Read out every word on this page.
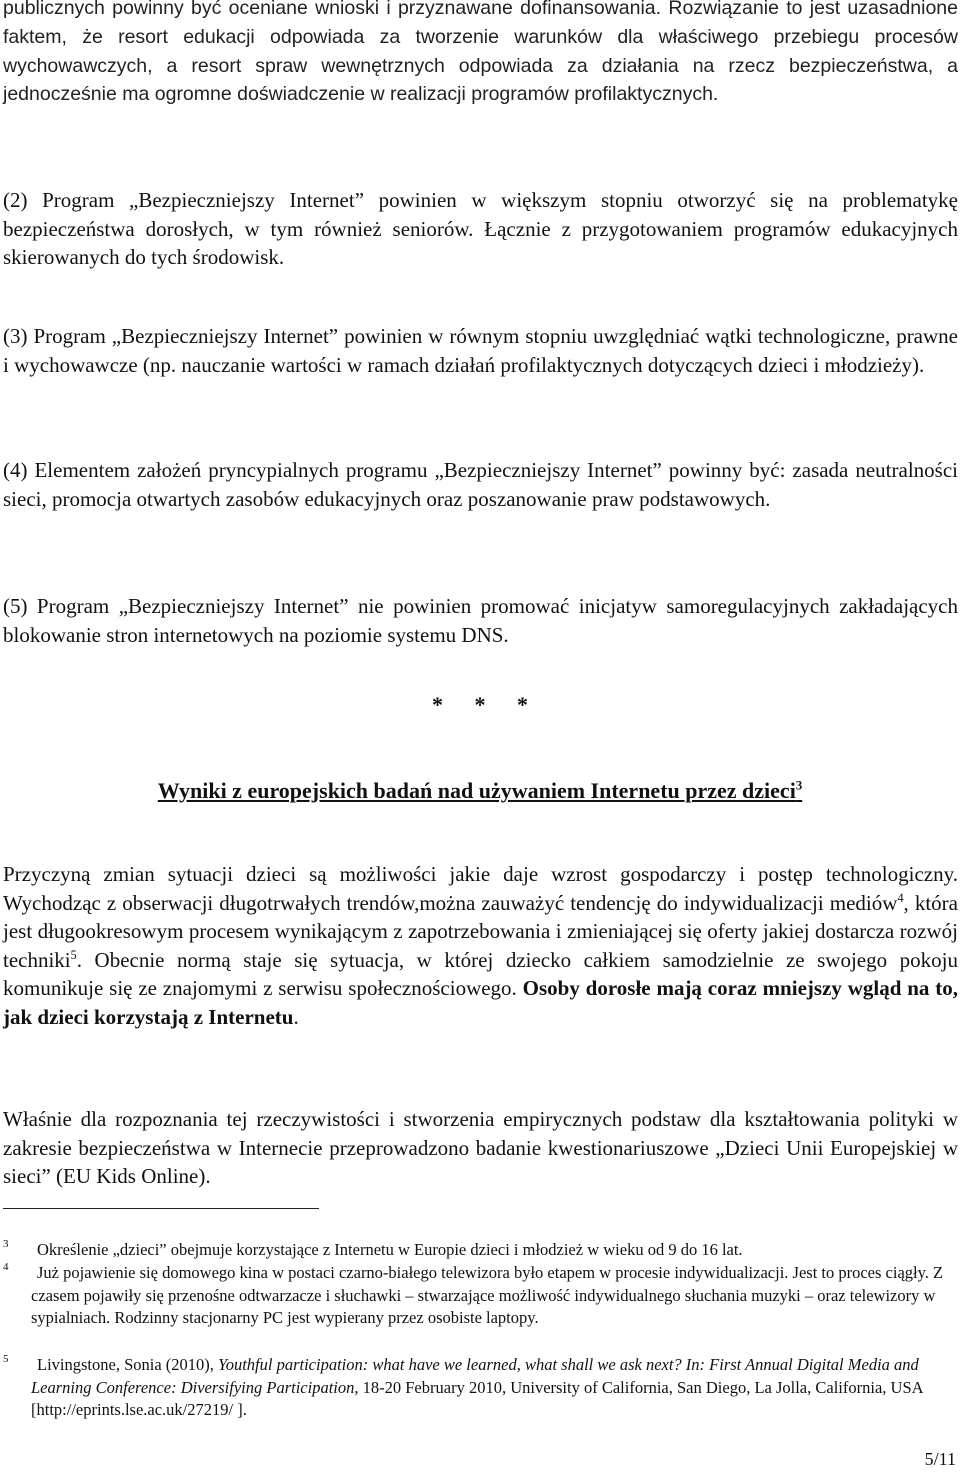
publicznych powinny być oceniane wnioski i przyznawane dofinansowania. Rozwiązanie to jest uzasadnione faktem, że resort edukacji odpowiada za tworzenie warunków dla właściwego przebiegu procesów wychowawczych, a resort spraw wewnętrznych odpowiada za działania na rzecz bezpieczeństwa, a jednocześnie ma ogromne doświadczenie w realizacji programów profilaktycznych.

(2) Program „Bezpieczniejszy Internet” powinien w większym stopniu otworzyć się na problematykę bezpieczeństwa dorosłych, w tym również seniorów. Łącznie z przygotowaniem programów edukacyjnych skierowanych do tych środowisk.

(3) Program „Bezpieczniejszy Internet” powinien w równym stopniu uwzględniać wątki technologiczne, prawne i wychowawcze (np. nauczanie wartości w ramach działań profilaktycznych dotyczących dzieci i młodzieży).

(4) Elementem założeń pryncypialnych programu „Bezpieczniejszy Internet” powinny być: zasada neutralności sieci, promocja otwartych zasobów edukacyjnych oraz poszanowanie praw podstawowych.

(5) Program „Bezpieczniejszy Internet” nie powinien promować inicjatyw samoregulacyjnych zakładających blokowanie stron internetowych na poziomie systemu DNS.

* * *
Wyniki z europejskich badań nad używaniem Internetu przez dzieci$^3$

Przyczyną zmian sytuacji dzieci są możliwości jakie daje wzrost gospodarczy i postęp technologiczny. Wychodząc z obserwacji długotrwałych trendów,można zauważyć tendencję do indywidualizacji mediów$^4$, która jest długookresowym procesem wynikającym z zapotrzebowania i zmieniającej się oferty jakiej dostarcza rozwój techniki$^5$. Obecnie normą staje się sytuacja, w której dziecko całkiem samodzielnie ze swojego pokoju komunikuje się ze znajomymi z serwisu społecznościowego. Osoby dorosłe mają coraz mniejszy wgląd na to, jak dzieci korzystają z Internetu.

Właśnie dla rozpoznania tej rzeczywistości i stworzenia empirycznych podstaw dla kształtowania polityki w zakresie bezpieczeństwa w Internecie przeprowadzono badanie kwestionariuszowe „Dzieci Unii Europejskiej w sieci” (EU Kids Online).

3	Określenie „dzieci” obejmuje korzystające z Internetu w Europie dzieci i młodzież w wieku od 9 do 16 lat.
4	Już pojawienie się domowego kina w postaci czarno-białego telewizora było etapem w procesie indywidualizacji. Jest to proces ciągły. Z czasem pojawiły się przenośne odtwarzacze i słuchawki – stwarzające możliwość indywidualnego słuchania muzyki – oraz telewizory w sypialniach. Rodzinny stacjonarny PC jest wypierany przez osobiste laptopy.
5	Livingstone, Sonia (2010), Youthful participation: what have we learned, what shall we ask next? In: First Annual Digital Media and Learning Conference: Diversifying Participation, 18-20 February 2010, University of California, San Diego, La Jolla, California, USA [http://eprints.lse.ac.uk/27219/ ].

5/11
